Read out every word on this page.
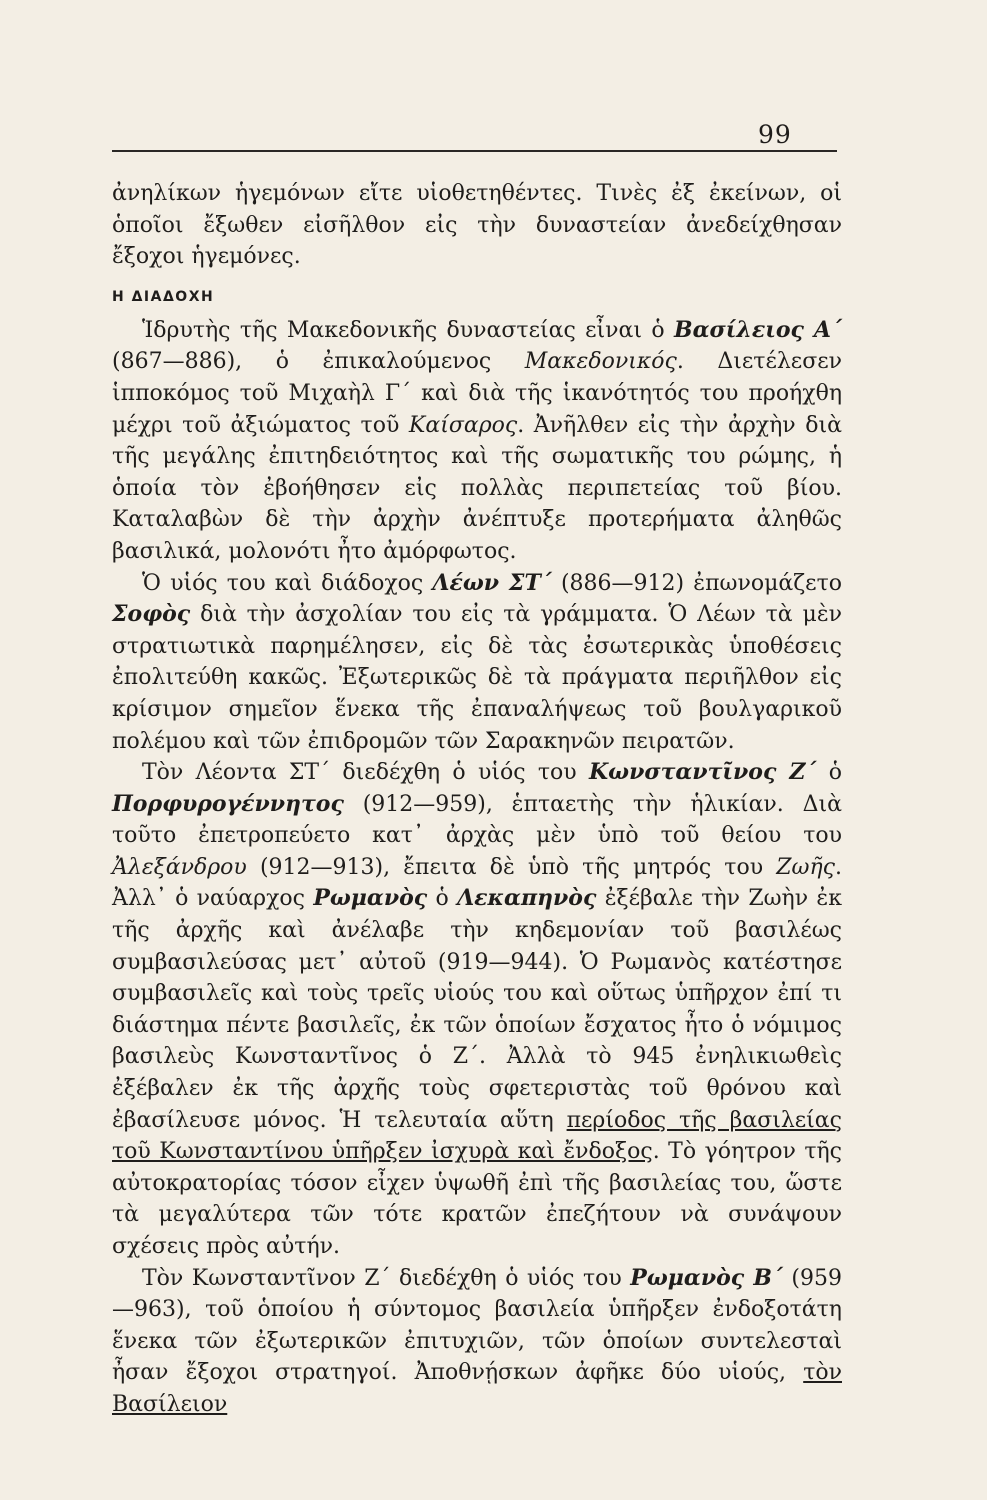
99

ἀνηλίκων ἡγεμόνων εἴτε υἱοθετηθέντες. Τινὲς ἐξ ἐκείνων, οἱ ὁποῖοι ἔξωθεν εἰσῆλθον εἰς τὴν δυναστείαν ἀνεδείχθησαν ἔξοχοι ἡγεμόνες.

Η ΔΙΑΔΟΧΗ

Ἱδρυτὴς τῆς Μακεδονικῆς δυναστείας εἶναι ὁ Βασίλειος Α΄ (867—886), ὁ ἐπικαλούμενος Μακεδονικός. Διετέλεσεν ἱπποκόμος τοῦ Μιχαὴλ Γ΄ καὶ διὰ τῆς ἱκανότητός του προήχθη μέχρι τοῦ ἀξιώματος τοῦ Καίσαρος. Ἀνῆλθεν εἰς τὴν ἀρχὴν διὰ τῆς μεγάλης ἐπιτηδειότητος καὶ τῆς σωματικῆς του ρώμης, ἡ ὁποία τὸν ἐβοήθησεν εἰς πολλὰς περιπετείας τοῦ βίου. Καταλαβὼν δὲ τὴν ἀρχὴν ἀνέπτυξε προτερήματα ἀληθῶς βασιλικά, μολονότι ἦτο ἀμόρφωτος.

Ὁ υἱός του καὶ διάδοχος Λέων ΣΤ΄ (886—912) ἐπωνομάζετο Σοφὸς διὰ τὴν ἀσχολίαν του εἰς τὰ γράμματα. Ὁ Λέων τὰ μὲν στρατιωτικὰ παρημέλησεν, εἰς δὲ τὰς ἐσωτερικὰς ὑποθέσεις ἐπολιτεύθη κακῶς. Ἐξωτερικῶς δὲ τὰ πράγματα περιῆλθον εἰς κρίσιμον σημεῖον ἕνεκα τῆς ἐπαναλήψεως τοῦ βουλγαρικοῦ πολέμου καὶ τῶν ἐπιδρομῶν τῶν Σαρακηνῶν πειρατῶν.

Τὸν Λέοντα ΣΤ΄ διεδέχθη ὁ υἱός του Κωνσταντῖνος Ζ΄ ὁ Πορφυρογέννητος (912—959), ἑπταετὴς τὴν ἡλικίαν. Διὰ τοῦτο ἐπετροπεύετο κατ᾽ ἀρχὰς μὲν ὑπὸ τοῦ θείου του Ἀλεξάνδρου (912—913), ἔπειτα δὲ ὑπὸ τῆς μητρός του Ζωῆς. Ἀλλ᾽ ὁ ναύαρχος Ρωμανὸς ὁ Λεκαπηνὸς ἐξέβαλε τὴν Ζωὴν ἐκ τῆς ἀρχῆς καὶ ἀνέλαβε τὴν κηδεμονίαν τοῦ βασιλέως συμβασιλεύσας μετ᾽ αὐτοῦ (919—944). Ὁ Ρωμανὸς κατέστησε συμβασιλεῖς καὶ τοὺς τρεῖς υἱούς του καὶ οὕτως ὑπῆρχον ἐπί τι διάστημα πέντε βασιλεῖς, ἐκ τῶν ὁποίων ἔσχατος ἦτο ὁ νόμιμος βασιλεὺς Κωνσταντῖνος ὁ Ζ΄. Ἀλλὰ τὸ 945 ἐνηλικιωθεὶς ἐξέβαλεν ἐκ τῆς ἀρχῆς τοὺς σφετεριστὰς τοῦ θρόνου καὶ ἐβασίλευσε μόνος. Ἡ τελευταία αὕτη περίοδος τῆς βασιλείας τοῦ Κωνσταντίνου ὑπῆρξεν ἰσχυρὰ καὶ ἔνδοξος. Τὸ γόητρον τῆς αὐτοκρατορίας τόσον εἶχεν ὑψωθῆ ἐπὶ τῆς βασιλείας του, ὥστε τὰ μεγαλύτερα τῶν τότε κρατῶν ἐπεζήτουν νὰ συνάψουν σχέσεις πρὸς αὐτήν.

Τὸν Κωνσταντῖνον Ζ΄ διεδέχθη ὁ υἱός του Ρωμανὸς Β΄ (959—963), τοῦ ὁποίου ἡ σύντομος βασιλεία ὑπῆρξεν ἐνδοξοτάτη ἕνεκα τῶν ἐξωτερικῶν ἐπιτυχιῶν, τῶν ὁποίων συντελεσταὶ ἦσαν ἔξοχοι στρατηγοί. Ἀποθνῄσκων ἀφῆκε δύο υἱούς, τὸν Βασίλειον
